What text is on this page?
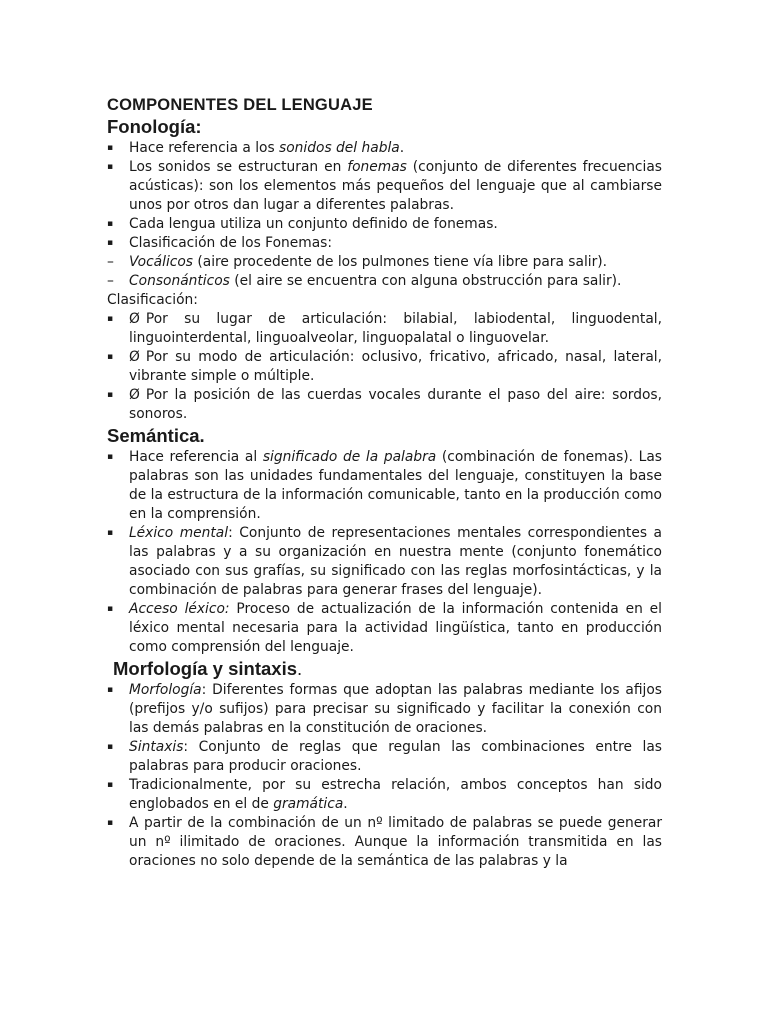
COMPONENTES DEL LENGUAJE
Fonología:
▪ Hace referencia a los sonidos del habla.
▪ Los sonidos se estructuran en fonemas (conjunto de diferentes frecuencias acústicas): son los elementos más pequeños del lenguaje que al cambiarse unos por otros dan lugar a diferentes palabras.
▪ Cada lengua utiliza un conjunto definido de fonemas.
▪ Clasificación de los Fonemas:
–	Vocálicos (aire procedente de los pulmones tiene vía libre para salir).
–	Consonánticos (el aire se encuentra con alguna obstrucción para salir).

Clasificación:

▪ Ø Por su lugar de articulación: bilabial, labiodental, linguodental, linguointerdental, linguoalveolar, linguopalatal o linguovelar.
▪ Ø Por su modo de articulación: oclusivo, fricativo, africado, nasal, lateral, vibrante simple o múltiple.
▪ Ø Por la posición de las cuerdas vocales durante el paso del aire: sordos, sonoros.
Semántica.
▪ Hace referencia al significado de la palabra (combinación de fonemas). Las palabras son las unidades fundamentales del lenguaje, constituyen la base de la estructura de la información comunicable, tanto en la producción como en la comprensión.
▪ Léxico mental: Conjunto de representaciones mentales correspondientes a las palabras y a su organización en nuestra mente (conjunto fonemático asociado con sus grafías, su significado con las reglas morfosintácticas, y la combinación de palabras para generar frases del lenguaje).
▪ Acceso léxico: Proceso de actualización de la información contenida en el léxico mental necesaria para la actividad lingüística, tanto en producción como comprensión del lenguaje.
Morfología y sintaxis.
▪ Morfología: Diferentes formas que adoptan las palabras mediante los afijos (prefijos y/o sufijos) para precisar su significado y facilitar la conexión con las demás palabras en la constitución de oraciones.
▪ Sintaxis: Conjunto de reglas que regulan las combinaciones entre las palabras para producir oraciones.
▪ Tradicionalmente, por su estrecha relación, ambos conceptos han sido englobados en el de gramática.
▪ A partir de la combinación de un nº limitado de palabras se puede generar un nº ilimitado de oraciones. Aunque la información transmitida en las oraciones no solo depende de la semántica de las palabras y la
